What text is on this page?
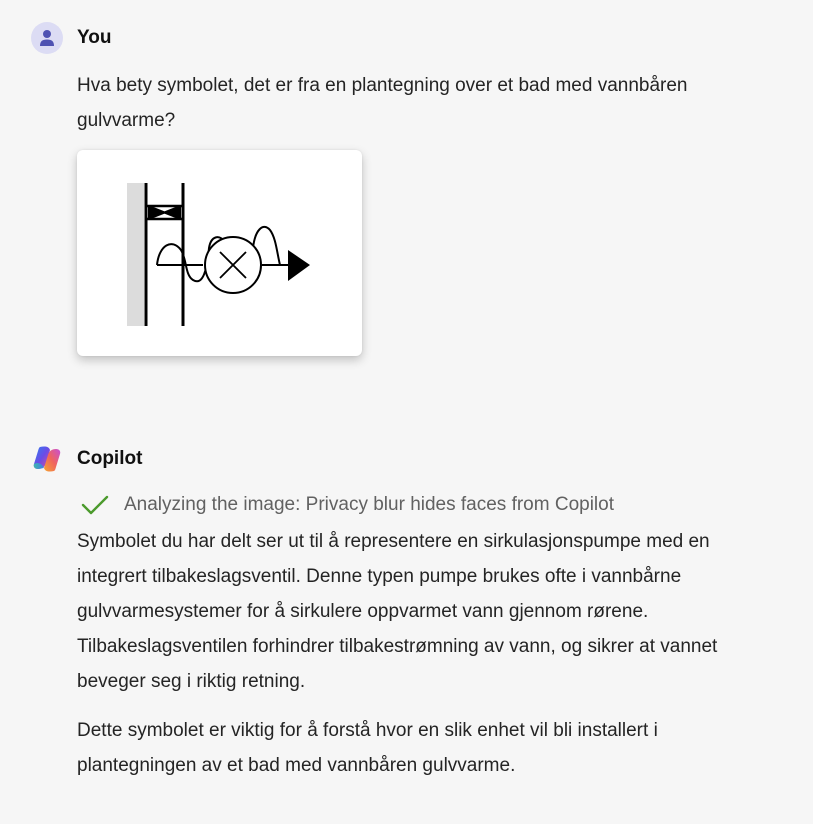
You
Hva bety symbolet, det er fra en plantegning over et bad med vannbåren gulvvarme?
Copilot
Analyzing the image: Privacy blur hides faces from Copilot
Symbolet du har delt ser ut til å representere en sirkulasjonspumpe med en integrert tilbakeslagsventil. Denne typen pumpe brukes ofte i vannbårne gulvvarmesystemer for å sirkulere oppvarmet vann gjennom rørene. Tilbakeslagsventilen forhindrer tilbakestrømning av vann, og sikrer at vannet beveger seg i riktig retning.
Dette symbolet er viktig for å forstå hvor en slik enhet vil bli installert i plantegningen av et bad med vannbåren gulvvarme.
